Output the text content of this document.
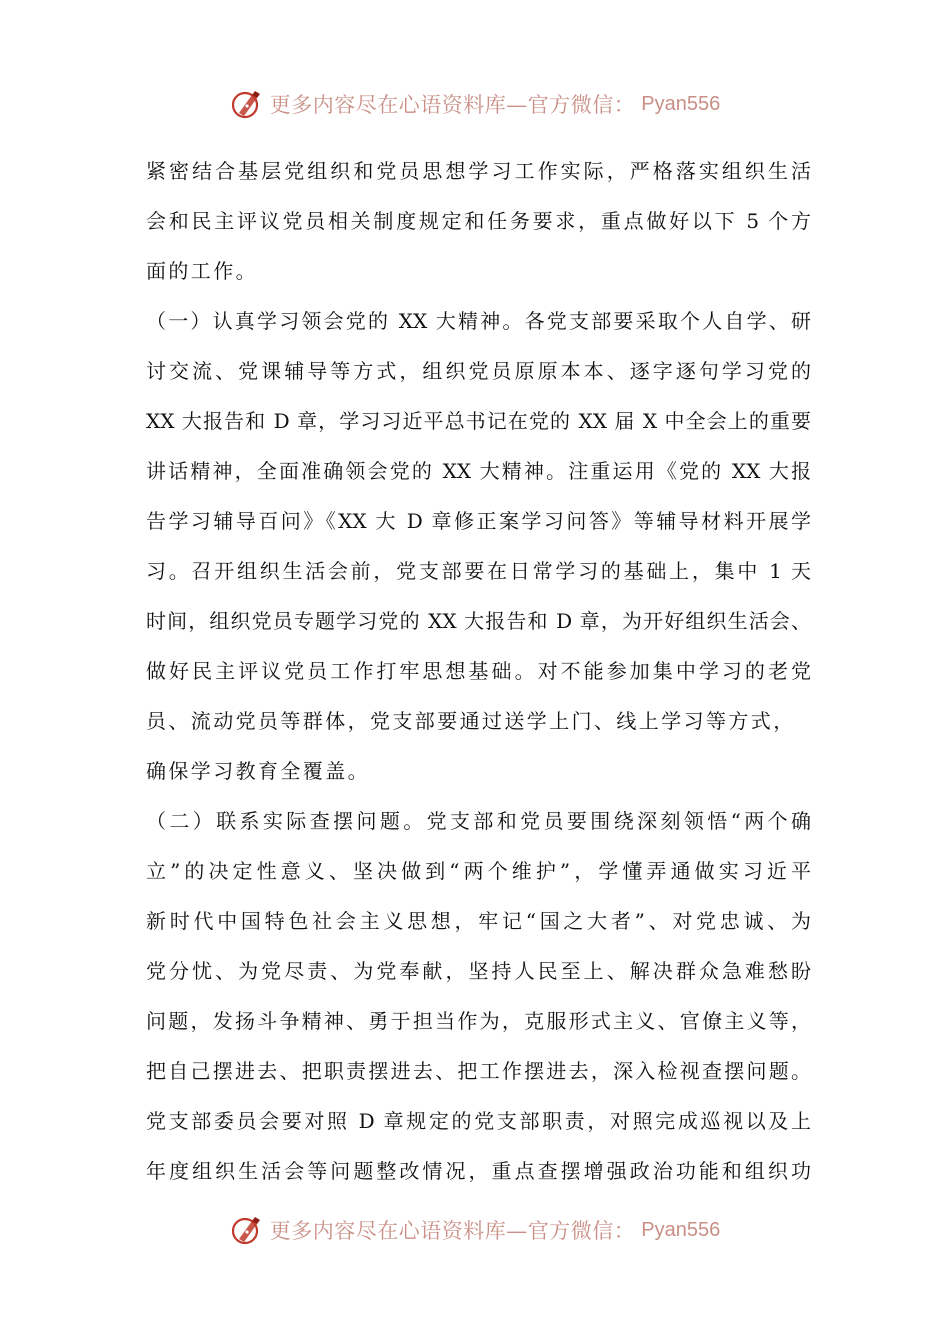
更多内容尽在心语资料库—官方微信： Pyan556
紧密结合基层党组织和党员思想学习工作实际，严格落实组织生活
会和民主评议党员相关制度规定和任务要求，重点做好以下 5 个方
面的工作。
（一）认真学习领会党的 XX 大精神。各党支部要采取个人自学、研
讨交流、党课辅导等方式，组织党员原原本本、逐字逐句学习党的
XX 大报告和 D 章，学习习近平总书记在党的 XX 届 X 中全会上的重要
讲话精神，全面准确领会党的 XX 大精神。注重运用《党的 XX 大报
告学习辅导百问》《XX 大 D 章修正案学习问答》等辅导材料开展学
习。召开组织生活会前，党支部要在日常学习的基础上，集中 1 天
时间，组织党员专题学习党的 XX 大报告和 D 章，为开好组织生活会、
做好民主评议党员工作打牢思想基础。对不能参加集中学习的老党
员、流动党员等群体，党支部要通过送学上门、线上学习等方式，
确保学习教育全覆盖。
（二）联系实际查摆问题。党支部和党员要围绕深刻领悟“两个确
立”的决定性意义、坚决做到“两个维护”，学懂弄通做实习近平
新时代中国特色社会主义思想，牢记“国之大者”、对党忠诚、为
党分忧、为党尽责、为党奉献，坚持人民至上、解决群众急难愁盼
问题，发扬斗争精神、勇于担当作为，克服形式主义、官僚主义等，
把自己摆进去、把职责摆进去、把工作摆进去，深入检视查摆问题。
党支部委员会要对照 D 章规定的党支部职责，对照完成巡视以及上
年度组织生活会等问题整改情况，重点查摆增强政治功能和组织功
更多内容尽在心语资料库—官方微信： Pyan556
